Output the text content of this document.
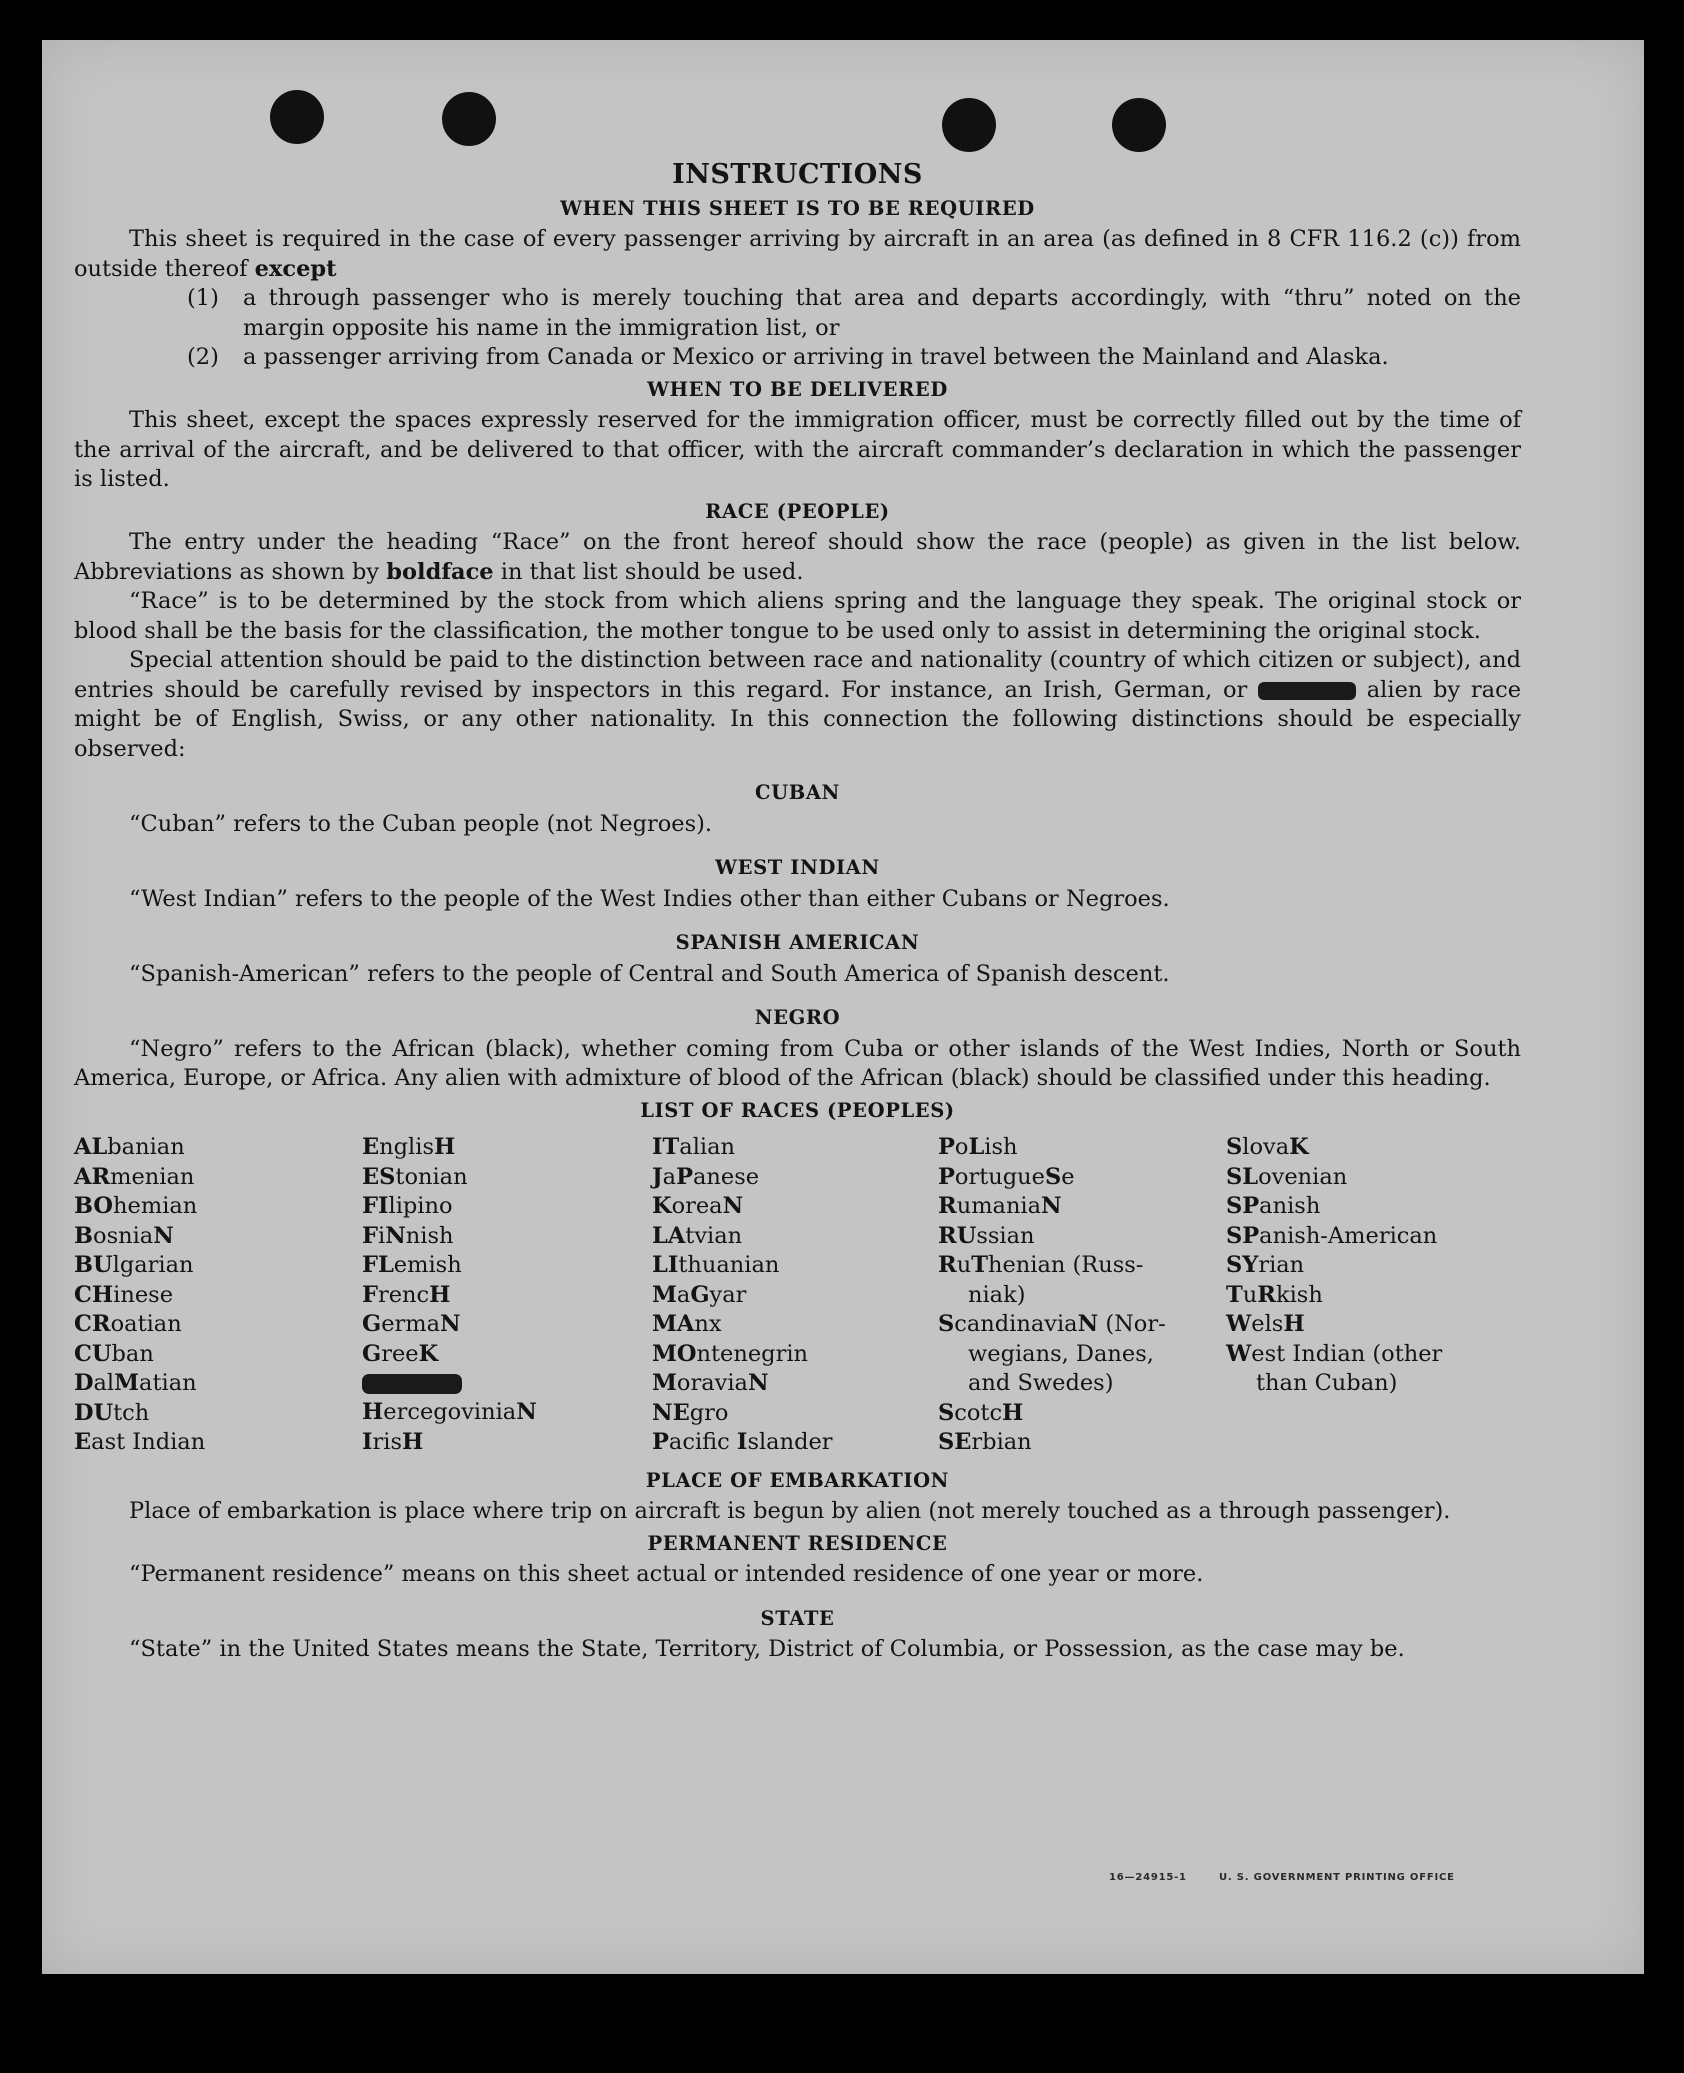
INSTRUCTIONS
WHEN THIS SHEET IS TO BE REQUIRED

This sheet is required in the case of every passenger arriving by aircraft in an area (as defined in 8 CFR 116.2 (c)) from outside thereof except

(1)	a through passenger who is merely touching that area and departs accordingly, with “thru” noted on the margin opposite his name in the immigration list, or
(2)	a passenger arriving from Canada or Mexico or arriving in travel between the Mainland and Alaska.
WHEN TO BE DELIVERED

This sheet, except the spaces expressly reserved for the immigration officer, must be correctly filled out by the time of the arrival of the aircraft, and be delivered to that officer, with the aircraft commander’s declaration in which the passenger is listed.

RACE (PEOPLE)

The entry under the heading “Race” on the front hereof should show the race (people) as given in the list below. Abbreviations as shown by boldface in that list should be used.

“Race” is to be determined by the stock from which aliens spring and the language they speak. The original stock or blood shall be the basis for the classification, the mother tongue to be used only to assist in determining the original stock.

Special attention should be paid to the distinction between race and nationality (country of which citizen or subject), and entries should be carefully revised by inspectors in this regard. For instance, an Irish, German, or	alien by race might be of English, Swiss, or any other nationality. In this connection the following distinctions should be especially observed:

CUBAN

“Cuban” refers to the Cuban people (not Negroes).

WEST INDIAN

“West Indian” refers to the people of the West Indies other than either Cubans or Negroes.

SPANISH AMERICAN

“Spanish-American” refers to the people of Central and South America of Spanish descent.

NEGRO

“Negro” refers to the African (black), whether coming from Cuba or other islands of the West Indies, North or South America, Europe, or Africa. Any alien with admixture of blood of the African (black) should be classified under this heading.

LIST OF RACES (PEOPLES)
ALbanian
ARmenian
BOhemian
BosniaN
BUlgarian
CHinese
CRoatian
CUban
DalMatian
DUtch
East Indian
EnglisH
EStonian
FIlipino
FiNnish
FLemish
FrencH
GermaN
GreeK
HercegoviniaN
IrisH
ITalian
JaPanese
KoreaN
LAtvian
LIthuanian
MaGyar
MAnx
MOntenegrin
MoraviaN
NEgro
Pacific Islander
PoLish
PortugueSe
RumaniaN
RUssian
RuThenian (Russ-
niak)
ScandinaviaN (Nor-
wegians, Danes,
and Swedes)
ScotcH
SErbian
SlovaK
SLovenian
SPanish
SPanish-American
SYrian
TuRkish
WelsH
West Indian (other
than Cuban)
PLACE OF EMBARKATION

Place of embarkation is place where trip on aircraft is begun by alien (not merely touched as a through passenger).

PERMANENT RESIDENCE

“Permanent residence” means on this sheet actual or intended residence of one year or more.

STATE

“State” in the United States means the State, Territory, District of Columbia, or Possession, as the case may be.

16—24915-1	U. S. GOVERNMENT PRINTING OFFICE
